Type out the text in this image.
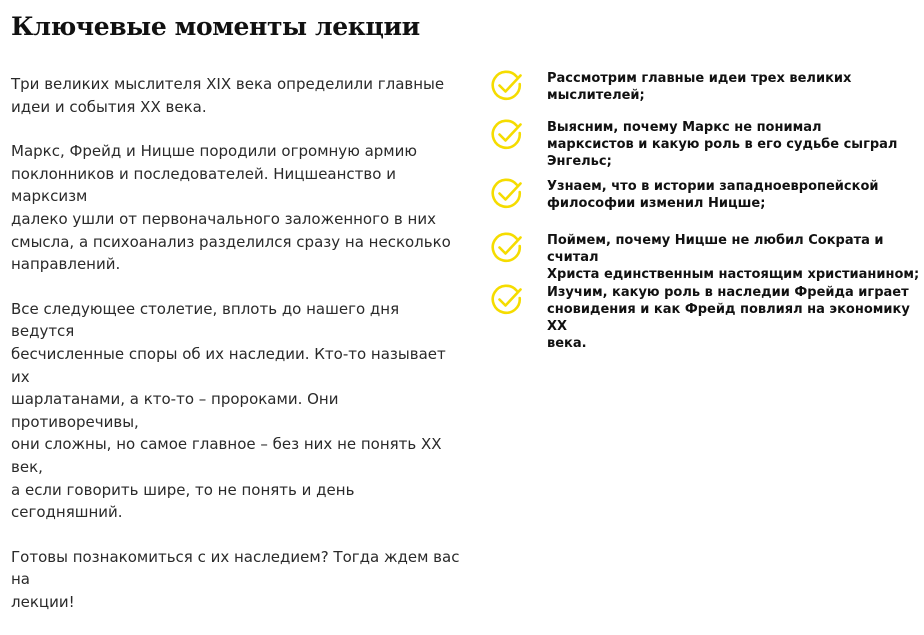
Ключевые моменты лекции

Три великих мыслителя XIX века определили главные
идеи и события XX века.

Маркс, Фрейд и Ницше породили огромную армию
поклонников и последователей. Ницшеанство и марксизм
далеко ушли от первоначального заложенного в них
смысла, а психоанализ разделился сразу на несколько
направлений.

Все следующее столетие, вплоть до нашего дня ведутся
бесчисленные споры об их наследии. Кто-то называет их
шарлатанами, а кто-то – пророками. Они противоречивы,
они сложны, но самое главное – без них не понять XX век,
а если говорить шире, то не понять и день сегодняшний.

Готовы познакомиться с их наследием? Тогда ждем вас на
лекции!

Рассмотрим главные идеи трех великих
мыслителей;
Выясним, почему Маркс не понимал
марксистов и какую роль в его судьбе сыграл
Энгельс;
Узнаем, что в истории западноевропейской
философии изменил Ницше;
Поймем, почему Ницше не любил Сократа и считал
Христа единственным настоящим христианином;
Изучим, какую роль в наследии Фрейда играет
сновидения и как Фрейд повлиял на экономику XX
века.
